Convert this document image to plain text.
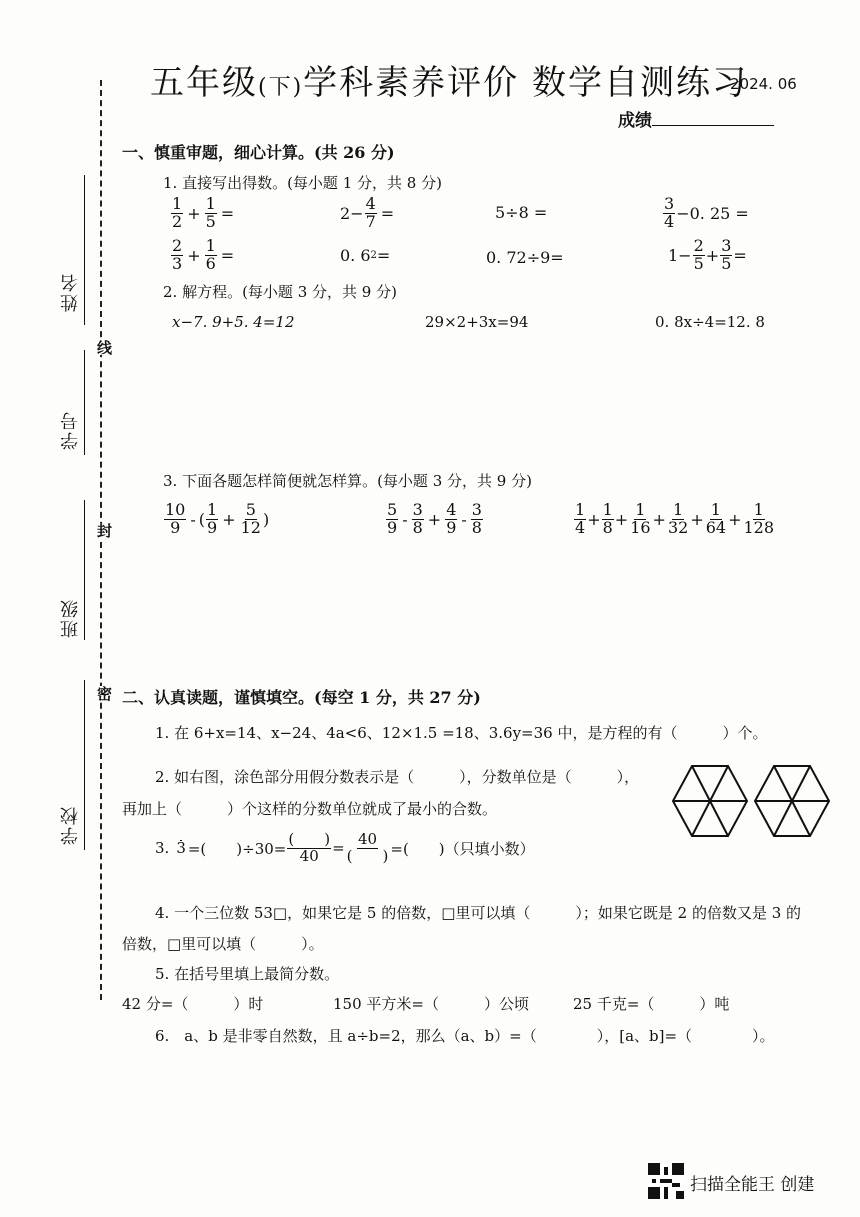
五年级(下)学科素养评价 数学自测练习
2024. 06
成绩
姓名
学号
班级
学校
线
封
密
一、慎重审题，细心计算。(共 26 分)
1. 直接写出得数。(每小题 1 分，共 8 分)
$\frac{1}{2} + \frac{1}{5}$ =	$2- \frac{4}{7}$ =	5÷8 =	$\frac{3}{4} -0$. 25 =
$\frac{2}{3} + \frac{1}{6}$ =	0. 6 2 =	0. 72÷9=	$1- \frac{2}{5} + \frac{3}{5}$ =
2. 解方程。(每小题 3 分，共 9 分)
x−7. 9+5. 4=12	29×2+3x=94	0. 8x÷4=12. 8
3. 下面各题怎样简便就怎样算。(每小题 3 分，共 9 分)
$\frac{10}{9}$ - ( $\frac{1}{9} + \frac{5}{12}$ )	$\frac{5}{9} - \frac{3}{8} + \frac{4}{9} - \frac{3}{8}$	$\frac{1}{4} + \frac{1}{8} + \frac{1}{16} + \frac{1}{32} + \frac{1}{64} + \frac{1}{128}$
二、认真读题，谨慎填空。(每空 1 分，共 27 分)
1. 在 6+x=14、x−24、4a<6、12×1.5 =18、3.6y=36 中，是方程的有（　　　）个。
2. 如右图，涂色部分用假分数表示是（　　　），分数单位是（　　　），
再加上（　　　）个这样的分数单位就成了最小的合数。
3. 3 =(　　)$\div 30= \frac{( )}{40} = \frac{40}{( )}$ =(　　)（只填小数）
4. 一个三位数 53□，如果它是 5 的倍数，□里可以填（　　　）；如果它既是 2 的倍数又是 3 的
倍数，□里可以填（　　　）。
5. 在括号里填上最简分数。
42 分=（　　　）时	150 平方米=（　　　）公顷	25 千克=（　　　）吨
6.　a、b 是非零自然数，且 a÷b=2，那么（a、b）=（　　　　），[a、b]=（　　　　）。
扫描全能王 创建
